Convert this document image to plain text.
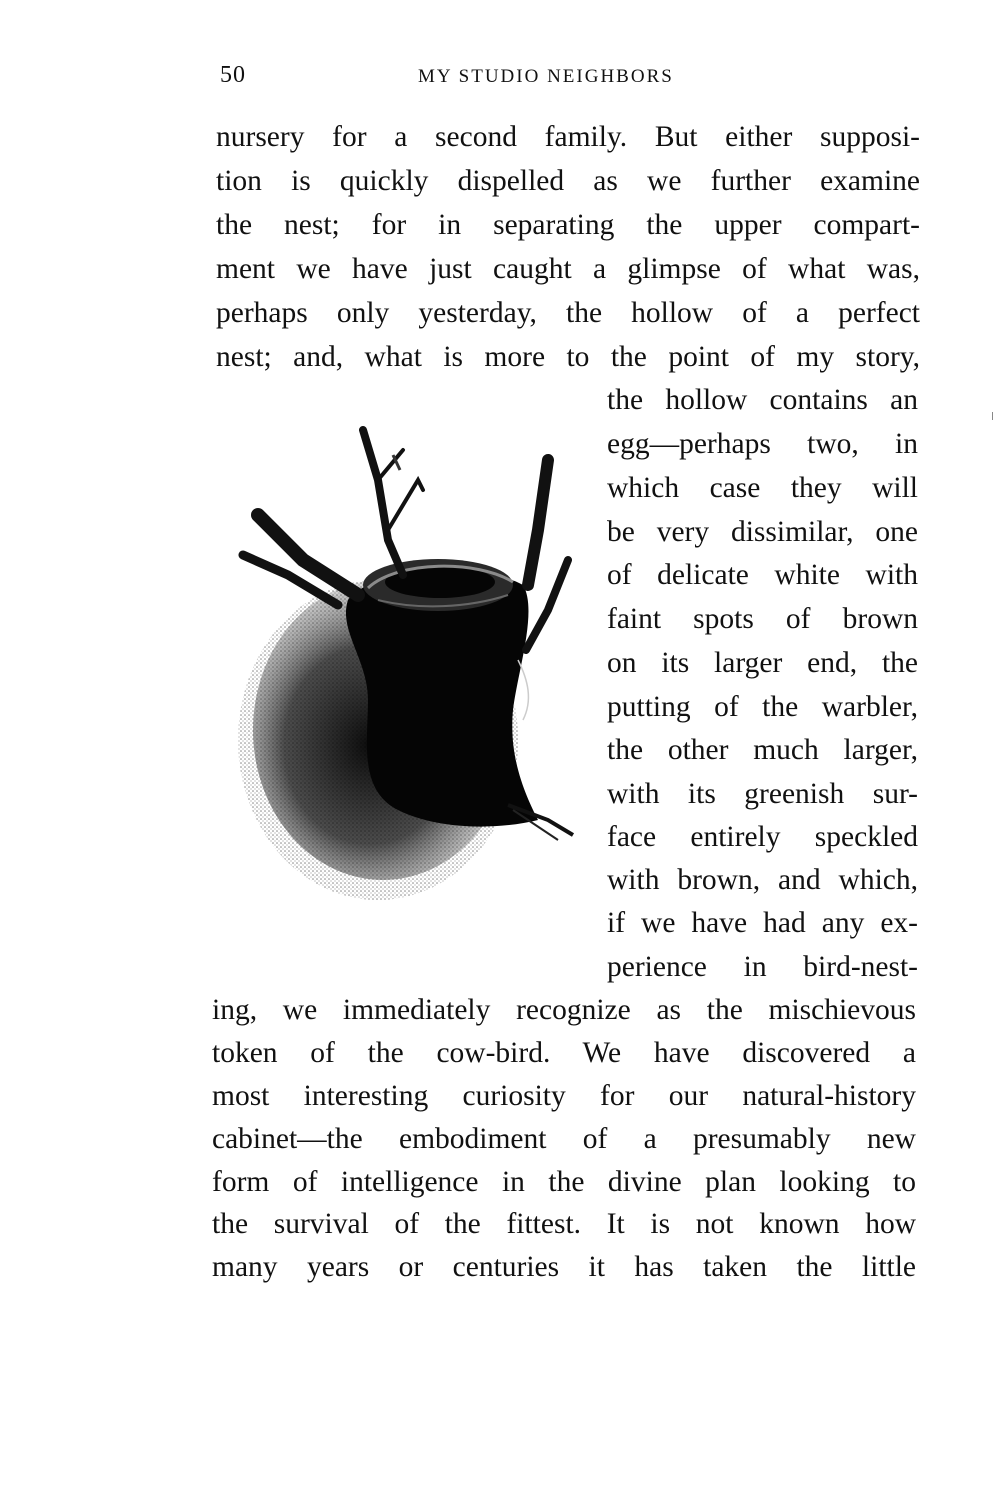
50	MY STUDIO NEIGHBORS
nursery for a second family. But either supposi-
tion is quickly dispelled as we further examine
the nest; for in separating the upper compart-
ment we have just caught a glimpse of what was,
perhaps only yesterday, the hollow of a perfect
nest; and, what is more to the point of my story,
the hollow contains an
egg—perhaps two, in
which case they will
be very dissimilar, one
of delicate white with
faint spots of brown
on its larger end, the
putting of the warbler,
the other much larger,
with its greenish sur-
face entirely speckled
with brown, and which,
if we have had any ex-
perience in bird-nest-
ing, we immediately recognize as the mischievous
token of the cow-bird. We have discovered a
most interesting curiosity for our natural-history
cabinet—the embodiment of a presumably new
form of intelligence in the divine plan looking to
the survival of the fittest. It is not known how
many years or centuries it has taken the little
